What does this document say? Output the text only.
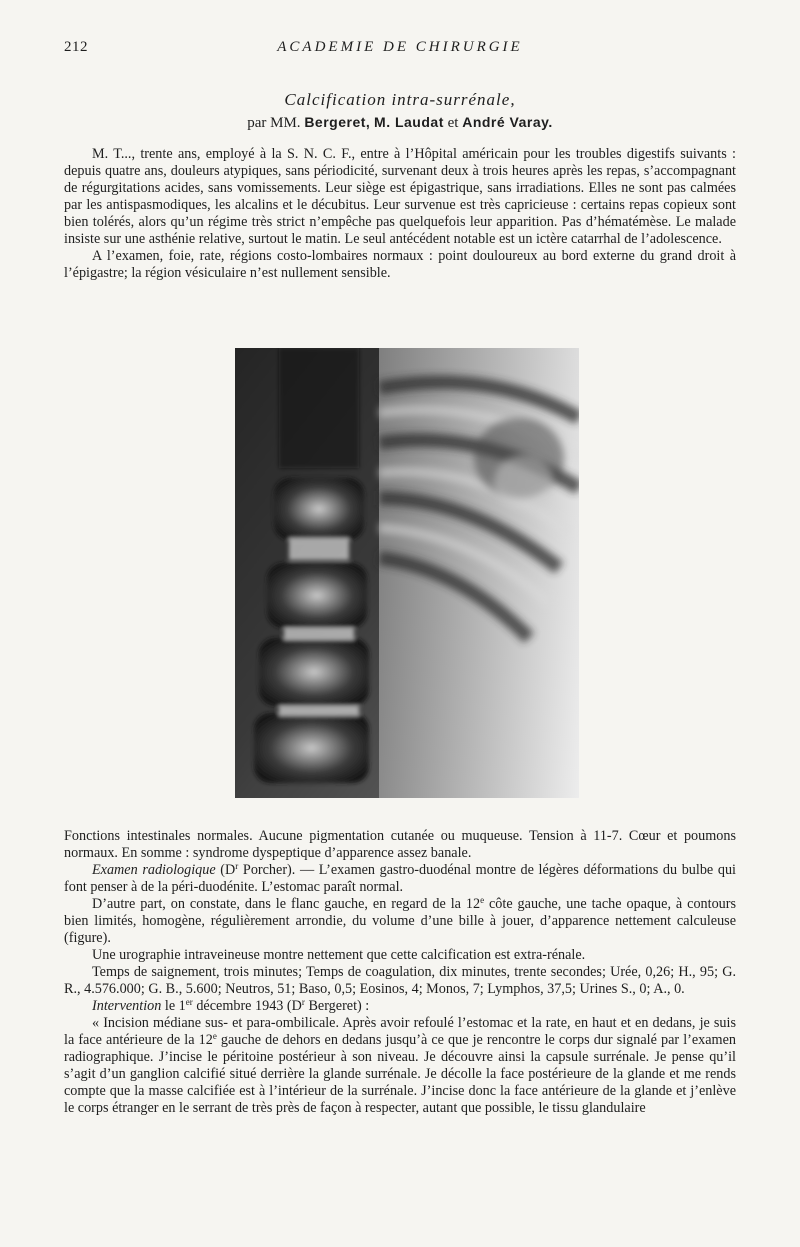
212	ACADEMIE DE CHIRURGIE
Calcification intra-surrénale,
par MM. Bergeret, M. Laudat et André Varay.

M. T..., trente ans, employé à la S. N. C. F., entre à l’Hôpital américain pour les troubles digestifs suivants : depuis quatre ans, douleurs atypiques, sans périodicité, survenant deux à trois heures après les repas, s’accompagnant de régurgitations acides, sans vomissements. Leur siège est épigastrique, sans irradiations. Elles ne sont pas calmées par les antispasmodiques, les alcalins et le décubitus. Leur survenue est très capricieuse : certains repas copieux sont bien tolérés, alors qu’un régime très strict n’empêche pas quelquefois leur apparition. Pas d’hématémèse. Le malade insiste sur une asthénie relative, surtout le matin. Le seul antécédent notable est un ictère catarrhal de l’adolescence.

A l’examen, foie, rate, régions costo-lombaires normaux : point douloureux au bord externe du grand droit à l’épigastre; la région vésiculaire n’est nullement sensible.

Fonctions intestinales normales. Aucune pigmentation cutanée ou muqueuse. Tension à 11-7. Cœur et poumons normaux. En somme : syndrome dyspeptique d’apparence assez banale.

Examen radiologique ($D^r$ Porcher). — L’examen gastro-duodénal montre de légères déformations du bulbe qui font penser à de la péri-duodénite. L’estomac paraît normal.

D’autre part, on constate, dans le flanc gauche, en regard de la 12e côte gauche, une tache opaque, à contours bien limités, homogène, régulièrement arrondie, du volume d’une bille à jouer, d’apparence nettement calculeuse (figure).

Une urographie intraveineuse montre nettement que cette calcification est extra-rénale.

Temps de saignement, trois minutes; Temps de coagulation, dix minutes, trente secondes; Urée, 0,26; H., 95; G. R., 4.576.000; G. B., 5.600; Neutros, 51; Baso, 0,5; Eosinos, 4; Monos, 7; Lymphos, 37,5; Urines S., 0; A., 0.

Intervention le 1er décembre 1943 ($D^r$ Bergeret) :

« Incision médiane sus- et para-ombilicale. Après avoir refoulé l’estomac et la rate, en haut et en dedans, je suis la face antérieure de la 12e gauche de dehors en dedans jusqu’à ce que je rencontre le corps dur signalé par l’examen radiographique. J’incise le péritoine postérieur à son niveau. Je découvre ainsi la capsule surrénale. Je pense qu’il s’agit d’un ganglion calcifié situé derrière la glande surrénale. Je décolle la face postérieure de la glande et me rends compte que la masse calcifiée est à l’intérieur de la surrénale. J’incise donc la face antérieure de la glande et j’enlève le corps étranger en le serrant de très près de façon à respecter, autant que possible, le tissu glandulaire
